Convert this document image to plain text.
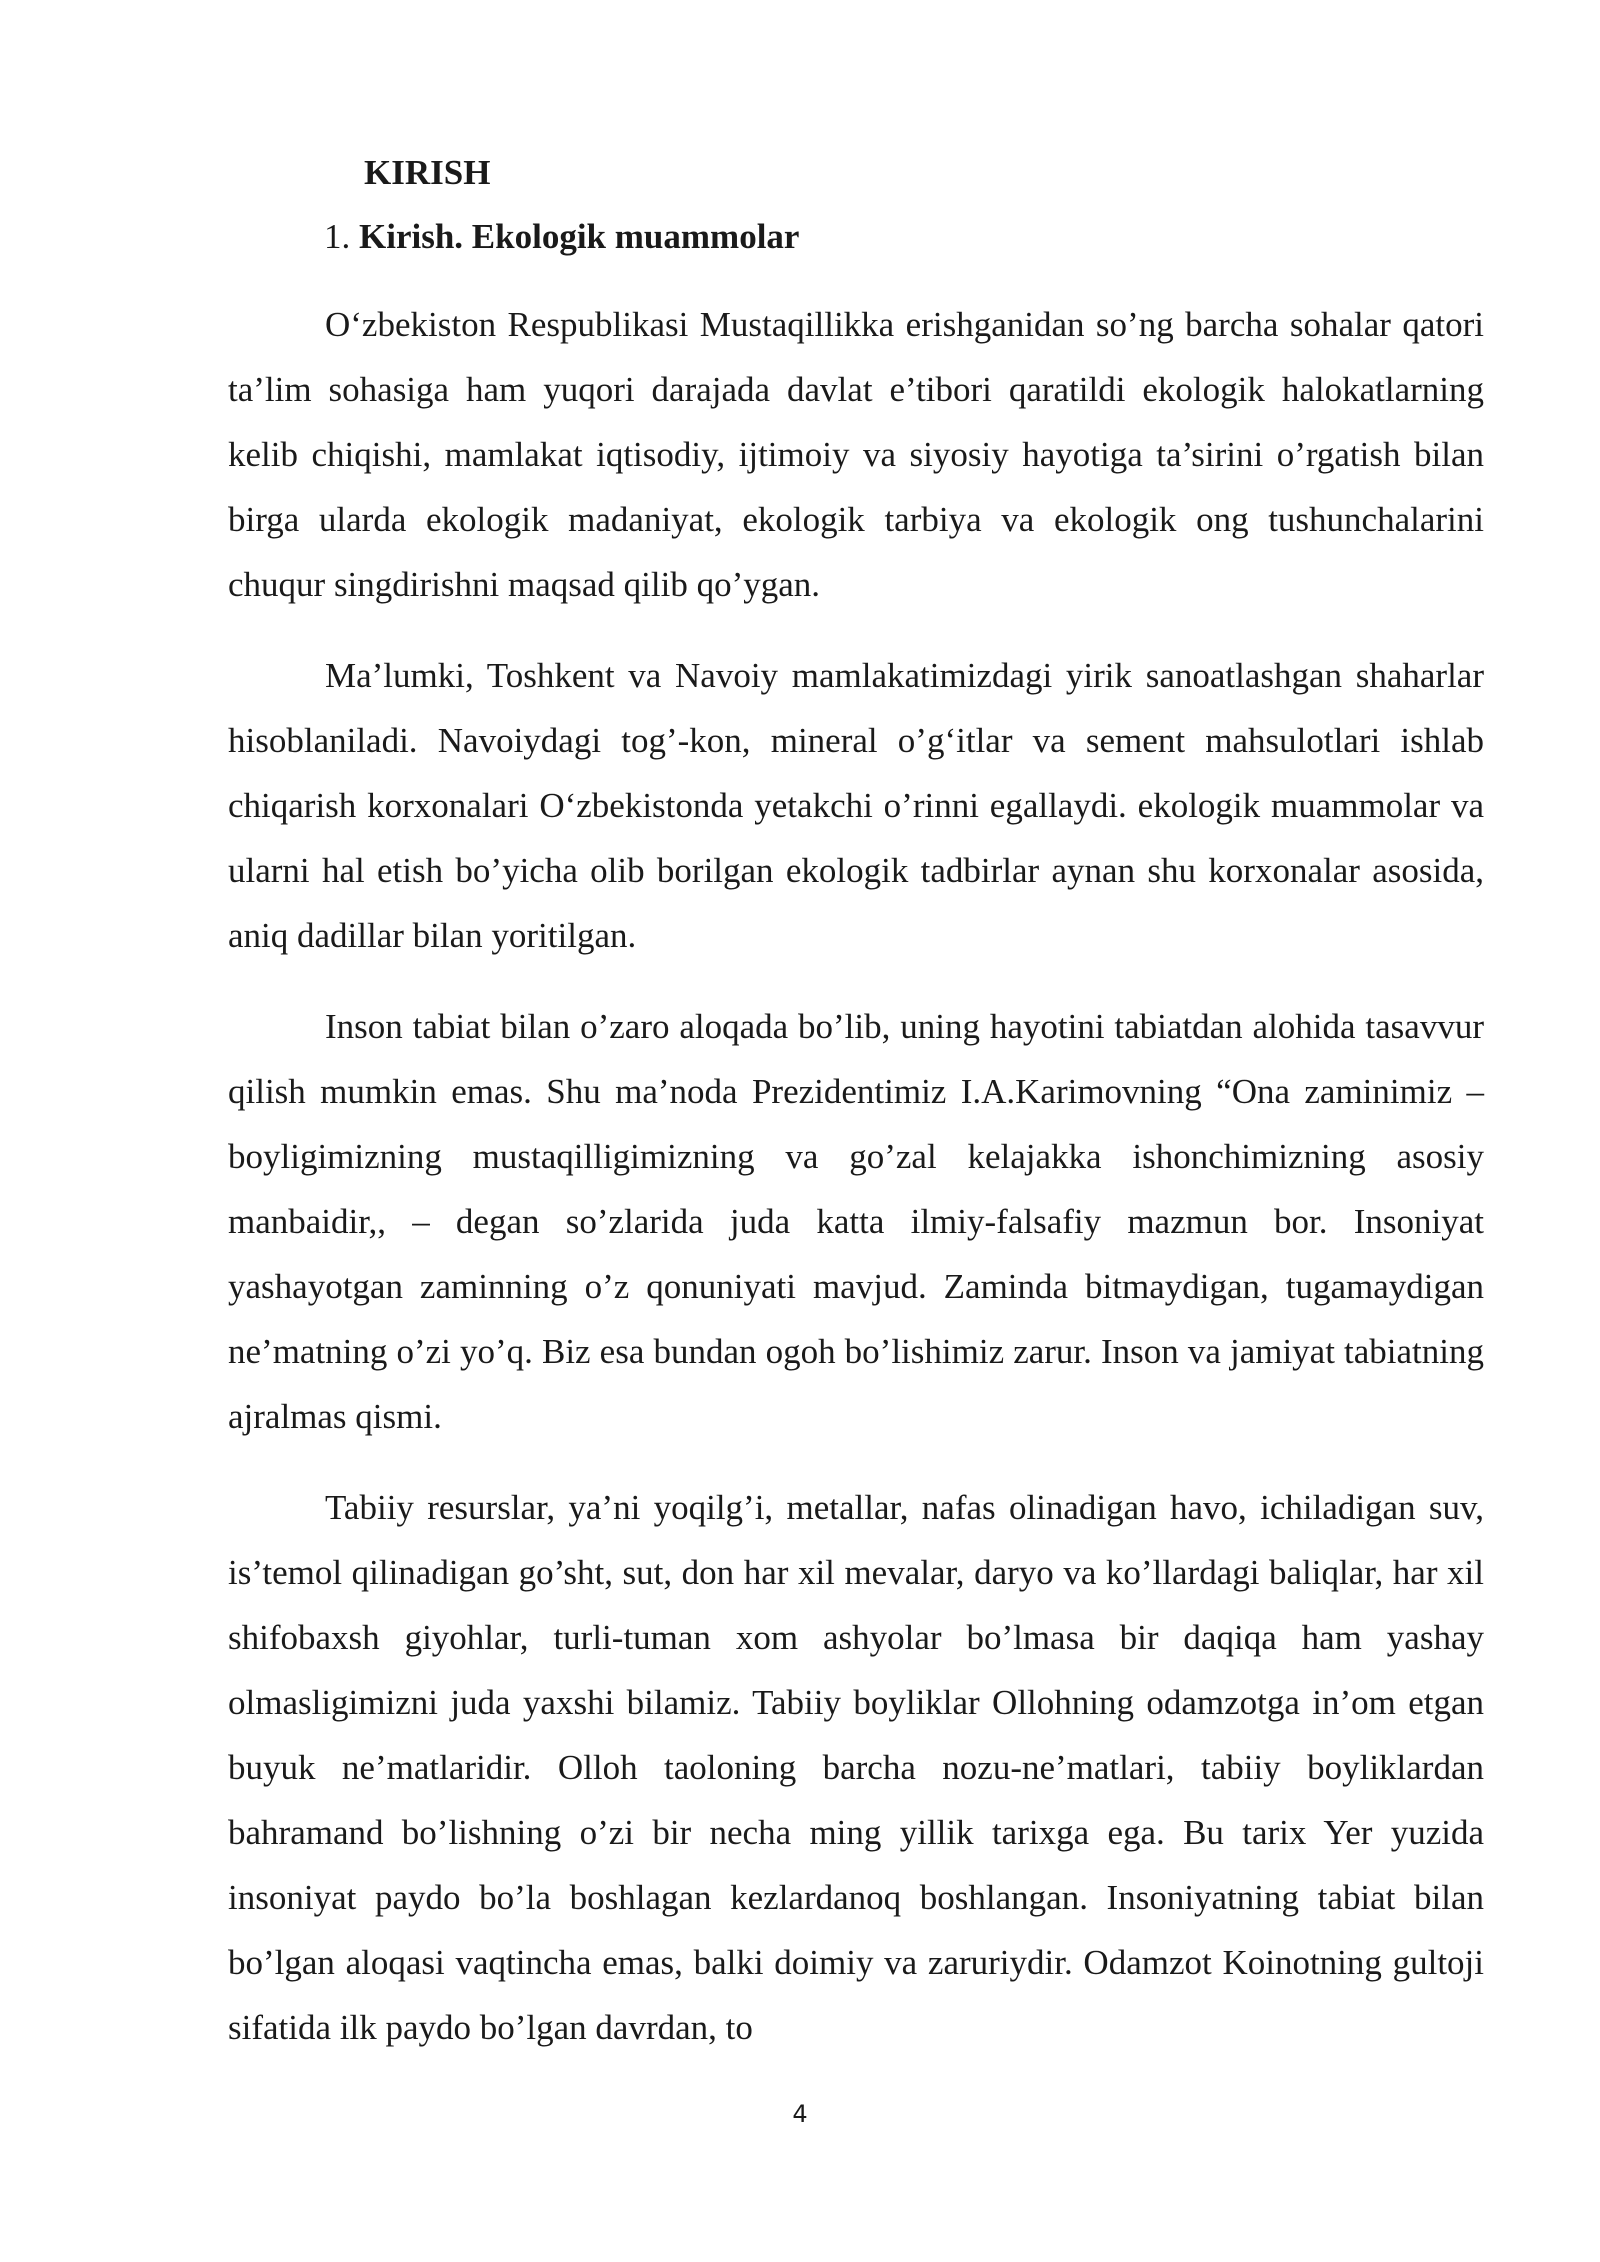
KIRISH
1. Kirish. Ekologik muammolar

O‘zbekiston Respublikasi Mustaqillikka erishganidan so’ng barcha sohalar qatori ta’lim sohasiga ham yuqori darajada davlat e’tibori qaratildi ekologik halokatlarning kelib chiqishi, mamlakat iqtisodiy, ijtimoiy va siyosiy hayotiga ta’sirini o’rgatish bilan birga ularda ekologik madaniyat, ekologik tarbiya va ekologik ong tushunchalarini chuqur singdirishni maqsad qilib qo’ygan.

Ma’lumki, Toshkent va Navoiy mamlakatimizdagi yirik sanoatlashgan shaharlar hisoblaniladi. Navoiydagi tog’-kon, mineral o’g‘itlar va sement mahsulotlari ishlab chiqarish korxonalari O‘zbekistonda yetakchi o’rinni egallaydi. ekologik muammolar va ularni hal etish bo’yicha olib borilgan ekologik tadbirlar aynan shu korxonalar asosida, aniq dadillar bilan yoritilgan.

Inson tabiat bilan o’zaro aloqada bo’lib, uning hayotini tabiatdan alohida tasavvur qilish mumkin emas. Shu ma’noda Prezidentimiz I.A.Karimovning “Ona zaminimiz –boyligimizning mustaqilligimizning va go’zal kelajakka ishonchimizning asosiy manbaidir,, – degan so’zlarida juda katta ilmiy-falsafiy mazmun bor. Insoniyat yashayotgan zaminning o’z qonuniyati mavjud. Zaminda bitmaydigan, tugamaydigan ne’matning o’zi yo’q. Biz esa bundan ogoh bo’lishimiz zarur. Inson va jamiyat tabiatning ajralmas qismi.

Tabiiy resurslar, ya’ni yoqilg’i, metallar, nafas olinadigan havo, ichiladigan suv, is’temol qilinadigan go’sht, sut, don har xil mevalar, daryo va ko’llardagi baliqlar, har xil shifobaxsh giyohlar, turli-tuman xom ashyolar bo’lmasa bir daqiqa ham yashay olmasligimizni juda yaxshi bilamiz. Tabiiy boyliklar Ollohning odamzotga in’om etgan buyuk ne’matlaridir. Olloh taoloning barcha nozu-ne’matlari, tabiiy boyliklardan bahramand bo’lishning o’zi bir necha ming yillik tarixga ega. Bu tarix Yer yuzida insoniyat paydo bo’la boshlagan kezlardanoq boshlangan. Insoniyatning tabiat bilan bo’lgan aloqasi vaqtincha emas, balki doimiy va zaruriydir. Odamzot Koinotning gultoji sifatida ilk paydo bo’lgan davrdan, to

4
